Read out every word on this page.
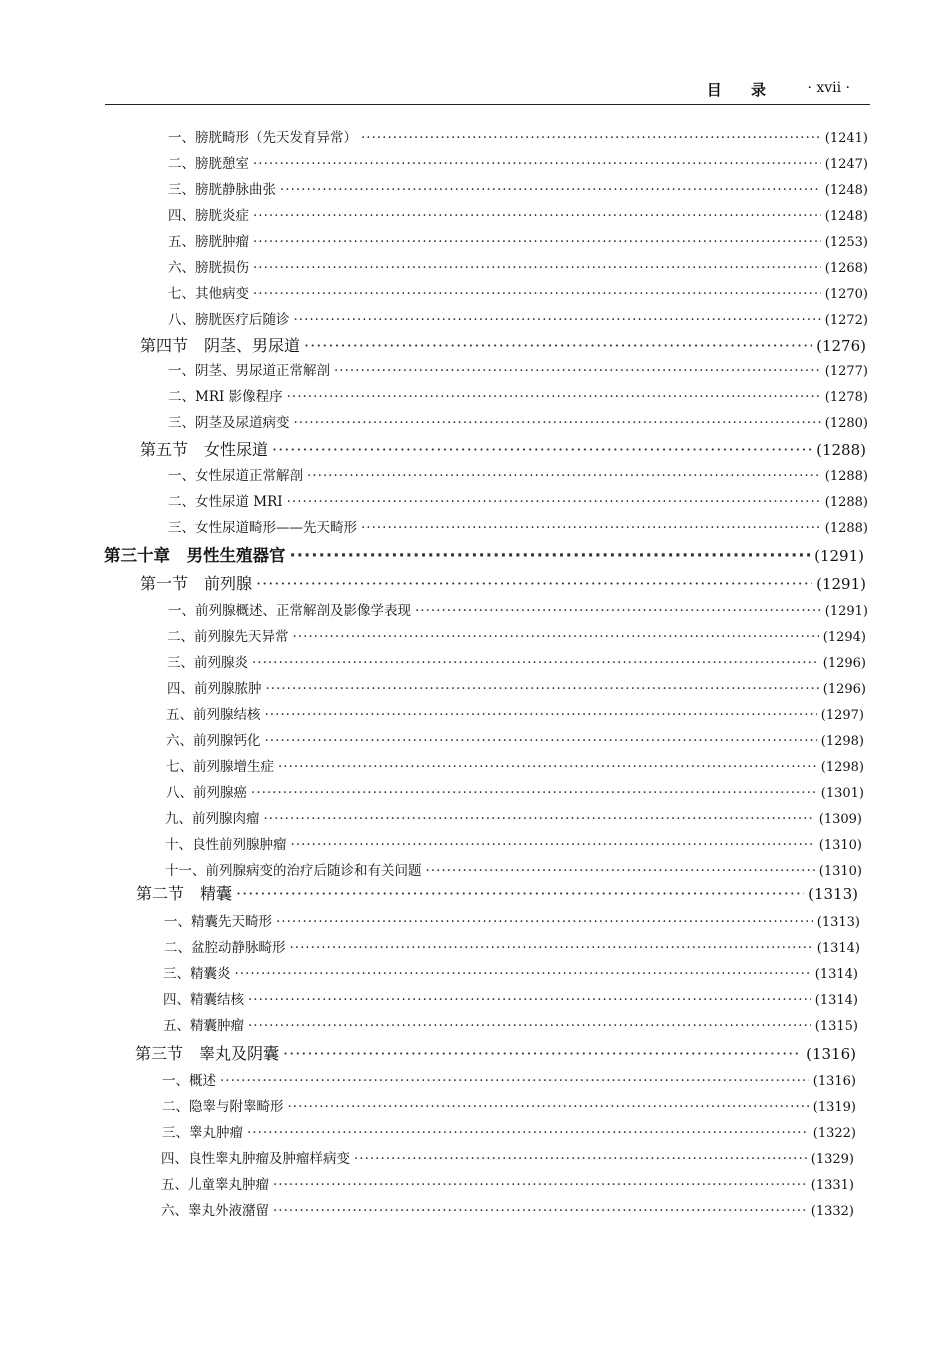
目 录 · xvii ·
一、膀胱畸形（先天发育异常） ·····	(1241)
二、膀胱憩室 ·····	(1247)
三、膀胱静脉曲张 ·····	(1248)
四、膀胱炎症 ·····	(1248)
五、膀胱肿瘤 ·····	(1253)
六、膀胱损伤 ·····	(1268)
七、其他病变 ·····	(1270)
八、膀胱医疗后随诊 ·····	(1272)
第四节　阴茎、男尿道 ·····	(1276)
一、阴茎、男尿道正常解剖 ·····	(1277)
二、MRI 影像程序 ·····	(1278)
三、阴茎及尿道病变 ·····	(1280)
第五节　女性尿道 ·····	(1288)
一、女性尿道正常解剖 ·····	(1288)
二、女性尿道 MRI ·····	(1288)
三、女性尿道畸形——先天畸形 ·····	(1288)
第三十章　男性生殖器官 ·····	(1291)
第一节　前列腺 ·····	(1291)
一、前列腺概述、正常解剖及影像学表现 ·····	(1291)
二、前列腺先天异常 ·····	(1294)
三、前列腺炎 ·····	(1296)
四、前列腺脓肿 ·····	(1296)
五、前列腺结核 ·····	(1297)
六、前列腺钙化 ·····	(1298)
七、前列腺增生症 ·····	(1298)
八、前列腺癌 ·····	(1301)
九、前列腺肉瘤 ·····	(1309)
十、良性前列腺肿瘤 ·····	(1310)
十一、前列腺病变的治疗后随诊和有关问题 ·····	(1310)
第二节　精囊 ·····	(1313)
一、精囊先天畸形 ·····	(1313)
二、盆腔动静脉畸形 ·····	(1314)
三、精囊炎 ·····	(1314)
四、精囊结核 ·····	(1314)
五、精囊肿瘤 ·····	(1315)
第三节　睾丸及阴囊 ·····	(1316)
一、概述 ·····	(1316)
二、隐睾与附睾畸形 ·····	(1319)
三、睾丸肿瘤 ·····	(1322)
四、良性睾丸肿瘤及肿瘤样病变 ·····	(1329)
五、儿童睾丸肿瘤 ·····	(1331)
六、睾丸外液潴留 ·····	(1332)
